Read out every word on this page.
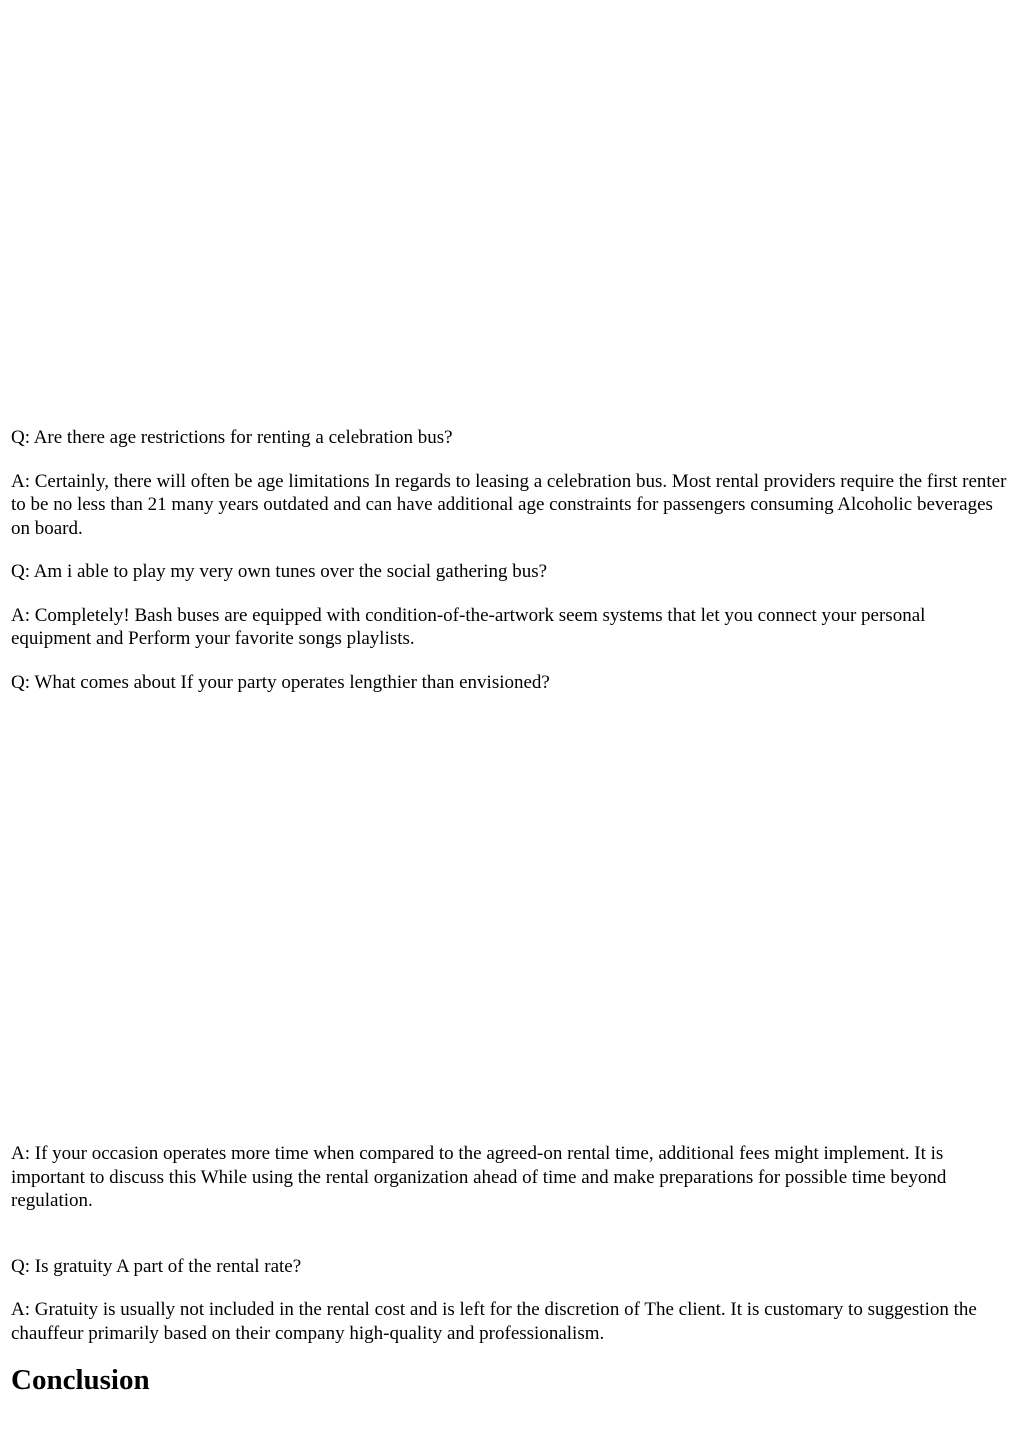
Q: Are there age restrictions for renting a celebration bus?

A: Certainly, there will often be age limitations In regards to leasing a celebration bus. Most rental providers require the first renter to be no less than 21 many years outdated and can have additional age constraints for passengers consuming Alcoholic beverages on board.

Q: Am i able to play my very own tunes over the social gathering bus?

A: Completely! Bash buses are equipped with condition-of-the-artwork seem systems that let you connect your personal equipment and Perform your favorite songs playlists.

Q: What comes about If your party operates lengthier than envisioned?

A: If your occasion operates more time when compared to the agreed-on rental time, additional fees might implement. It is important to discuss this While using the rental organization ahead of time and make preparations for possible time beyond regulation.

Q: Is gratuity A part of the rental rate?

A: Gratuity is usually not included in the rental cost and is left for the discretion of The client. It is customary to suggestion the chauffeur primarily based on their company high-quality and professionalism.

Conclusion
